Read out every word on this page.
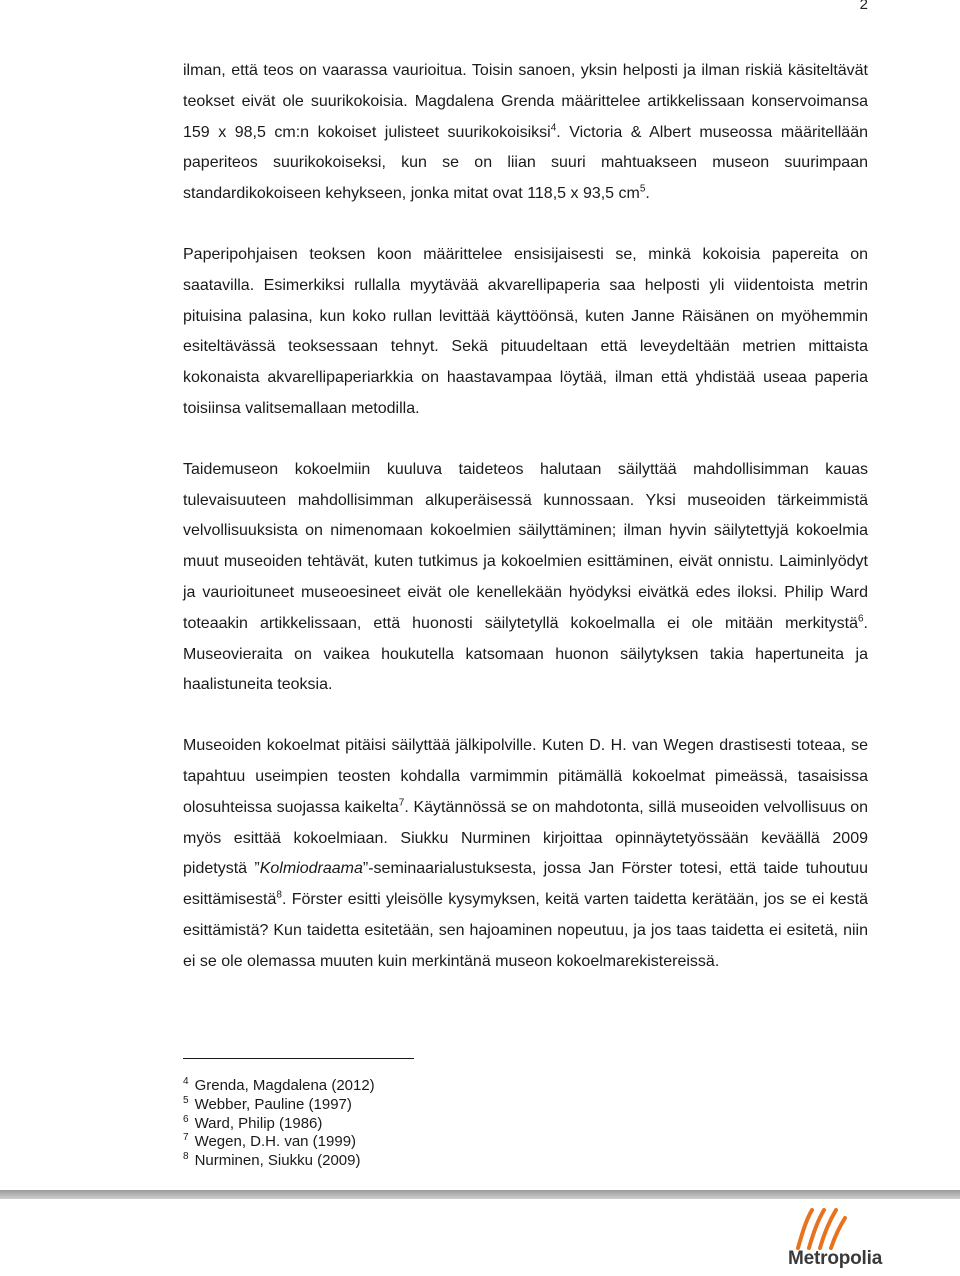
2

ilman, että teos on vaarassa vaurioitua. Toisin sanoen, yksin helposti ja ilman riskiä käsiteltävät teokset eivät ole suurikokoisia. Magdalena Grenda määrittelee artikkelissaan konservoimansa 159 x 98,5 cm:n kokoiset julisteet suurikokoisiksi$^4$. Victoria & Albert museossa määritellään paperiteos suurikokoiseksi, kun se on liian suuri mahtuakseen museon suurimpaan standardikokoiseen kehykseen, jonka mitat ovat 118,5 x 93,5 $cm^5$.

Paperipohjaisen teoksen koon määrittelee ensisijaisesti se, minkä kokoisia papereita on saatavilla. Esimerkiksi rullalla myytävää akvarellipaperia saa helposti yli viidentoista metrin pituisina palasina, kun koko rullan levittää käyttöönsä, kuten Janne Räisänen on myöhemmin esiteltävässä teoksessaan tehnyt. Sekä pituudeltaan että leveydeltään metrien mittaista kokonaista akvarellipaperiarkkia on haastavampaa löytää, ilman että yhdistää useaa paperia toisiinsa valitsemallaan metodilla.

Taidemuseon kokoelmiin kuuluva taideteos halutaan säilyttää mahdollisimman kauas tulevaisuuteen mahdollisimman alkuperäisessä kunnossaan. Yksi museoiden tärkeimmistä velvollisuuksista on nimenomaan kokoelmien säilyttäminen; ilman hyvin säilytettyjä kokoelmia muut museoiden tehtävät, kuten tutkimus ja kokoelmien esittäminen, eivät onnistu. Laiminlyödyt ja vaurioituneet museoesineet eivät ole kenellekään hyödyksi eivätkä edes iloksi. Philip Ward toteaakin artikkelissaan, että huonosti säilytetyllä kokoelmalla ei ole mitään merkitystä$^6$. Museovieraita on vaikea houkutella katsomaan huonon säilytyksen takia hapertuneita ja haalistuneita teoksia.

Museoiden kokoelmat pitäisi säilyttää jälkipolville. Kuten D. H. van Wegen drastisesti toteaa, se tapahtuu useimpien teosten kohdalla varmimmin pitämällä kokoelmat pimeässä, tasaisissa olosuhteissa suojassa kaikelta$^7$. Käytännössä se on mahdotonta, sillä museoiden velvollisuus on myös esittää kokoelmiaan. Siukku Nurminen kirjoittaa opinnäytetyössään keväällä 2009 pidetystä ”Kolmiodraama”-seminaarialustuksesta, jossa Jan Förster totesi, että taide tuhoutuu esittämisestä$^8$. Förster esitti yleisölle kysymyksen, keitä varten taidetta kerätään, jos se ei kestä esittämistä? Kun taidetta esitetään, sen hajoaminen nopeutuu, ja jos taas taidetta ei esitetä, niin ei se ole olemassa muuten kuin merkintänä museon kokoelmarekistereissä.

$^4$ Grenda, Magdalena (2012)
$^5$ Webber, Pauline (1997)
$^6$ Ward, Philip (1986)
$^7$ Wegen, D.H. van (1999)
$^8$ Nurminen, Siukku (2009)
Metropolia
